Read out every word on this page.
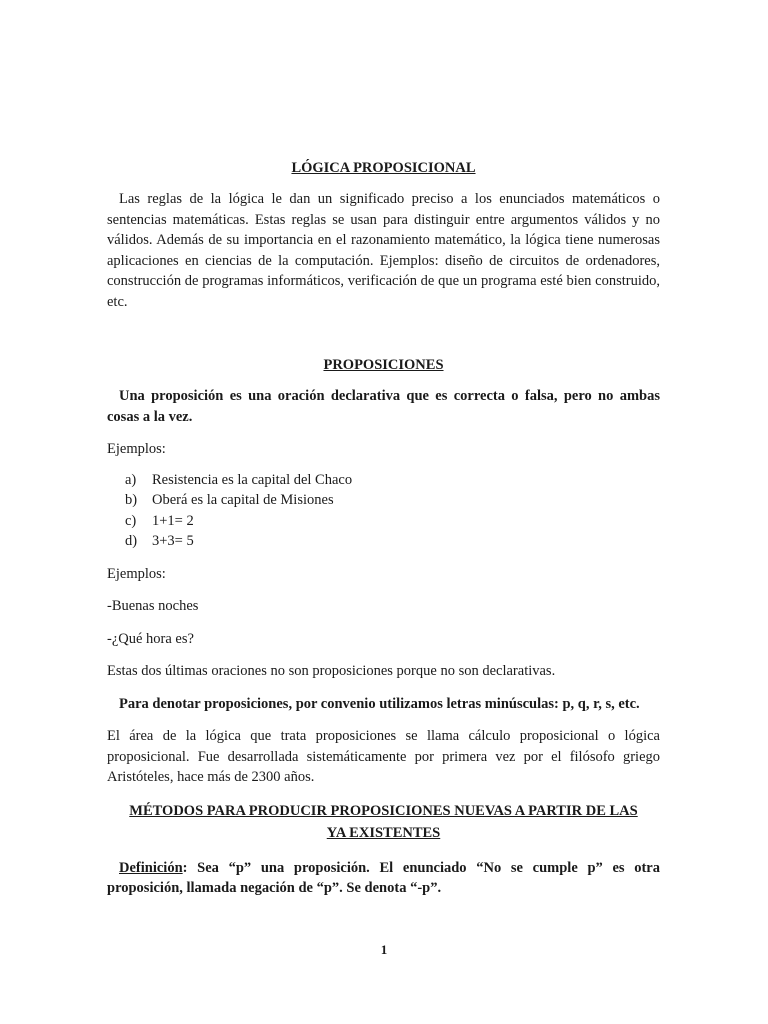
LÓGICA PROPOSICIONAL

Las reglas de la lógica le dan un significado preciso a los enunciados matemáticos o sentencias matemáticas. Estas reglas se usan para distinguir entre argumentos válidos y no válidos. Además de su importancia en el razonamiento matemático, la lógica tiene numerosas aplicaciones en ciencias de la computación. Ejemplos: diseño de circuitos de ordenadores, construcción de programas informáticos, verificación de que un programa esté bien construido, etc.

PROPOSICIONES

Una proposición es una oración declarativa que es correcta o falsa, pero no ambas cosas a la vez.

Ejemplos:

a)	Resistencia es la capital del Chaco
b)	Oberá es la capital de Misiones
c)	1+1= 2
d)	3+3= 5

Ejemplos:

-Buenas noches

-¿Qué hora es?

Estas dos últimas oraciones no son proposiciones porque no son declarativas.

Para denotar proposiciones, por convenio utilizamos letras minúsculas: p, q, r, s, etc.

El área de la lógica que trata proposiciones se llama cálculo proposicional o lógica proposicional. Fue desarrollada sistemáticamente por primera vez por el filósofo griego Aristóteles, hace más de 2300 años.

MÉTODOS PARA PRODUCIR PROPOSICIONES NUEVAS A PARTIR DE LAS
YA EXISTENTES

Definición: Sea “p” una proposición. El enunciado “No se cumple p” es otra proposición, llamada negación de “p”. Se denota “-p”.

1
